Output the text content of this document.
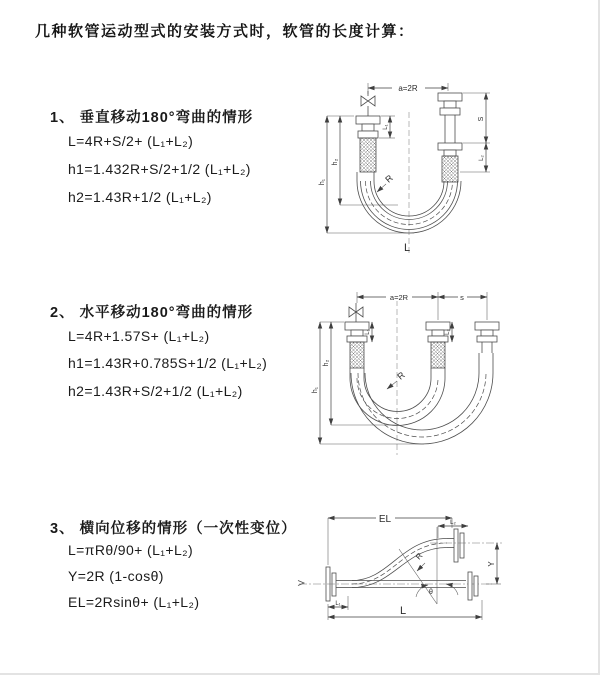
几种软管运动型式的安装方式时，软管的长度计算：
1、 垂直移动180°弯曲的情形
L=4R+S/2+ (L₁+L₂)
h1=1.432R+S/2+1/2 (L₁+L₂)
h2=1.43R+1/2 (L₁+L₂)
2、 水平移动180°弯曲的情形
L=4R+1.57S+ (L₁+L₂)
h1=1.43R+0.785S+1/2 (L₁+L₂)
h2=1.43R+S/2+1/2 (L₁+L₂)
3、 横向位移的情形（一次性变位）
L=πRθ/90+ (L₁+L₂)
Y=2R (1-cosθ)
EL=2Rsinθ+ (L₁+L₂)
a=2R
R
h₁
h₂
L₁
S
L₂
L
a=2R	s
R
h₁
h₂
L₁	L₂
EL	L₂
θ
R
Y
L
L₁
